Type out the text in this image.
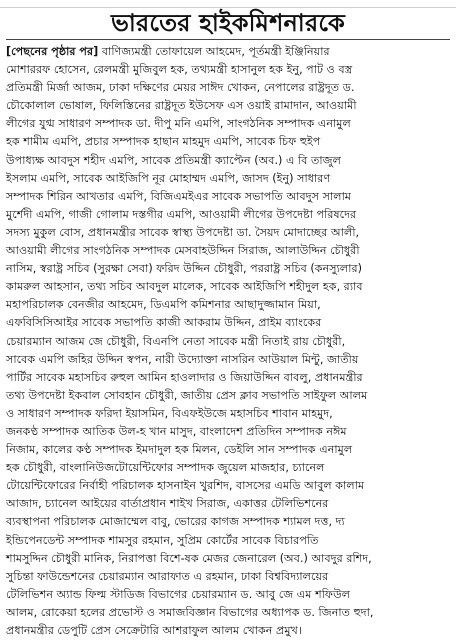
ভারতের হাইকমিশনারকে
[পেছনের পৃষ্ঠার পর] বাণিজ্যমন্ত্রী তোফায়েল আহমেদ, পূর্তমন্ত্রী ইঞ্জিনিয়ার
মোশাররফ হোসেন, রেলমন্ত্রী মুজিবুল হক, তথ্যমন্ত্রী হাসানুল হক ইনু, পাট ও বস্ত্র
প্রতিমন্ত্রী মির্জা আজম, ঢাকা দক্ষিণের মেয়র সাঈদ খোকন, নেপালের রাষ্ট্রদূত ড.
চৌকোলাল ভোষাল, ফিলিস্তিনের রাষ্ট্রদূত ইউসেফ এস ওয়াই রামাদান, আওয়ামী
লীগের যুগ্ম সাধারণ সম্পাদক ডা. দীপু মনি এমপি, সাংগঠনিক সম্পাদক এনামুল
হক শামীম এমপি, প্রচার সম্পাদক হাছান মাহমুদ এমপি, সাবেক চিফ হুইপ
উপাধ্যক্ষ আবদুস শহীদ এমপি, সাবেক প্রতিমন্ত্রী ক্যাপ্টেন (অব.) এ বি তাজুল
ইসলাম এমপি, সাবেক আইজিপি নূর মোহাম্মদ এমপি, জাসদ (ইনু) সাধারণ
সম্পাদক শিরিন আখতার এমপি, বিজিএমইএর সাবেক সভাপতি আবদুস সালাম
মুর্শেদী এমপি, গাজী গোলাম দস্তগীর এমপি, আওয়ামী লীগের উপদেষ্টা পরিষদের
সদস্য মুকুল বোস, প্রধানমন্ত্রীর সাবেক স্বাস্থ্য উপদেষ্টা ডা. সৈয়দ মোদাচ্ছের আলী,
আওয়ামী লীগের সাংগঠনিক সম্পাদক মেসবাহউদ্দিন সিরাজ, আলাউদ্দিন চৌধুরী
নাসিম, স্বরাষ্ট্র সচিব (সুরক্ষা সেবা) ফরিদ উদ্দিন চৌধুরী, পররাষ্ট্র সচিব (কনস্যুলার)
কামরুল আহসান, তথ্য সচিব আবদুল মালেক, সাবেক আইজিপি শহীদুল হক, র‌্যাব
মহাপরিচালক বেনজীর আহমেদ, ডিএমপি কমিশনার আছাদুজ্জামান মিয়া,
এফবিসিসিআইর সাবেক সভাপতি কাজী আকরাম উদ্দিন, প্রাইম ব্যাংকের
চেয়ারম্যান আজম জে চৌধুরী, বিএনপি নেতা সাবেক মন্ত্রী নিতাই রায় চৌধুরী,
সাবেক এমপি জহির উদ্দিন স্বপন, নারী উদ্যোক্তা নাসরিন আউয়াল মিন্টু, জাতীয়
পার্টির সাবেক মহাসচিব রুহুল আমিন হাওলাদার ও জিয়াউদ্দিন বাবলু, প্রধানমন্ত্রীর
তথ্য উপদেষ্টা ইকবাল সোবহান চৌধুরী, জাতীয় প্রেস ক্লাব সভাপতি সাইফুল আলম
ও সাধারণ সম্পাদক ফরিদা ইয়াসমিন, বিএফইউজে মহাসচিব শাবান মাহমুদ,
জনকণ্ঠ সম্পাদক আতিক উল-হ খান মাসুদ, বাংলাদেশ প্রতিদিন সম্পাদক নঈম
নিজাম, কালের কণ্ঠ সম্পাদক ইমদাদুল হক মিলন, ডেইলি সান সম্পাদক এনামুল
হক চৌধুরী, বাংলানিউজটোয়েন্টিফোর সম্পাদক জুয়েল মাজহার, চ্যানেল
টোয়েন্টিফোরের নির্বাহী পরিচালক হাসনাইন খুরশিদ, বাসসের এমডি আবুল কালাম
আজাদ, চ্যানেল আইয়ের বার্তাপ্রধান শাইখ সিরাজ, একাত্তর টেলিভিশনের
ব্যবস্থাপনা পরিচালক মোজাম্মেল বাবু, ভোরের কাগজ সম্পাদক শ্যামল দত্ত, দ্য
ইন্ডিপেনডেন্ট সম্পাদক শামসুর রহমান, সুপ্রিম কোর্টের সাবেক বিচারপতি
শামসুদ্দিন চৌধুরী মানিক, নিরাপত্তা বিশে-ষক মেজর জেনারেল (অব.) আবদুর রশিদ,
সুচিন্তা ফাউন্ডেশনের চেয়ারম্যান আরাফাত এ রহমান, ঢাকা বিশ্ববিদ্যালয়ের
টেলিভিশন অ্যান্ড ফিল্ম স্টাডিজ বিভাগের চেয়ারম্যান ড. আবু জে এম শফিউল
আলম, রোকেয়া হলের প্রভোস্ট ও সমাজবিজ্ঞান বিভাগের অধ্যাপক ড. জিনাত হুদা,
প্রধানমন্ত্রীর ডেপুটি প্রেস সেক্রেটারি আশরাফুল আলম খোকন প্রমুখ।
